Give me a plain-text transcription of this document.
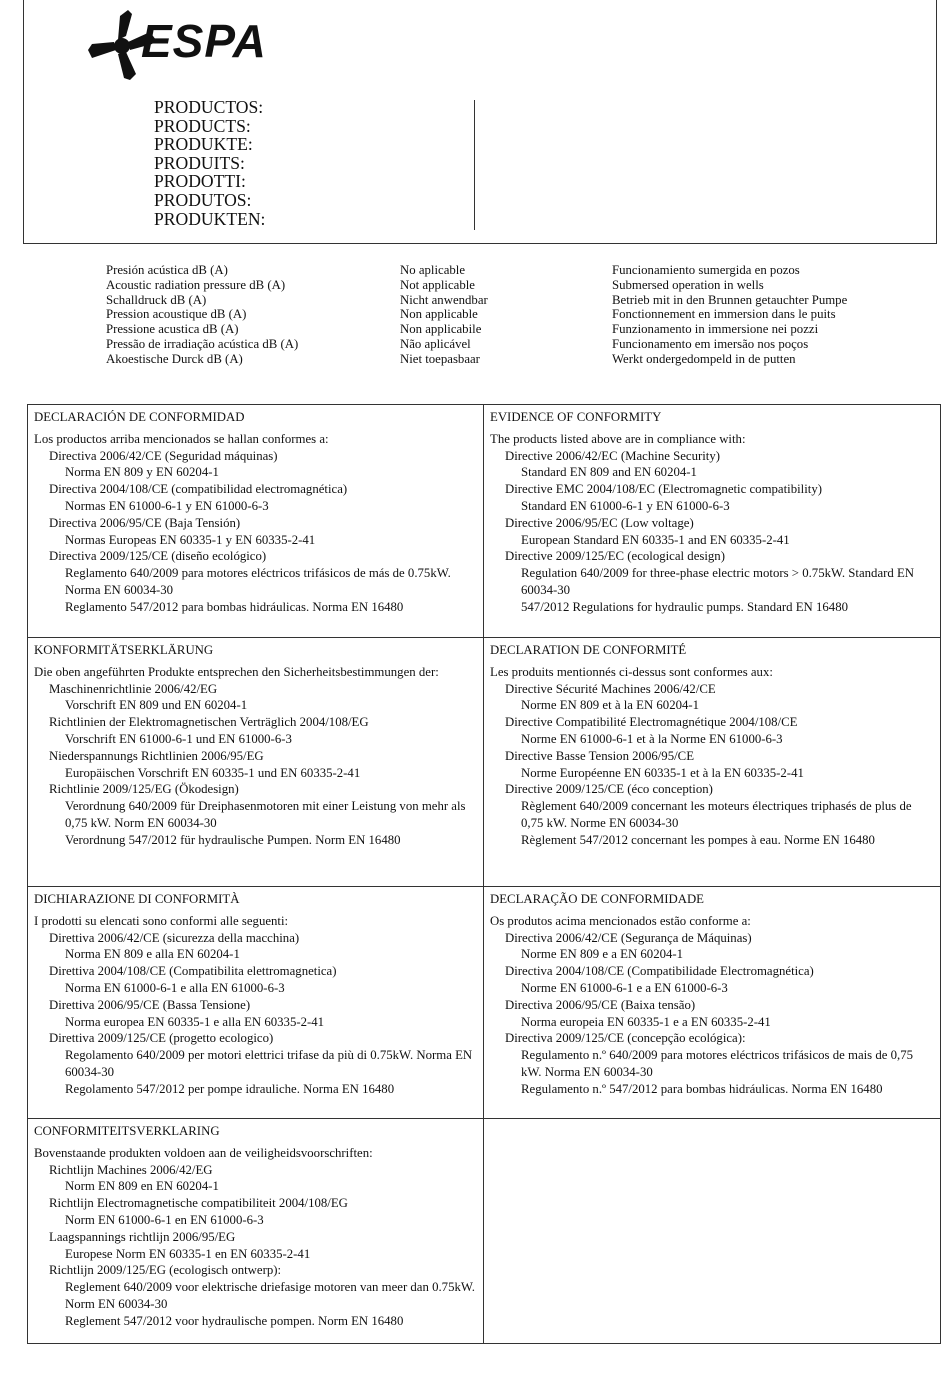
ESPA
PRODUCTOS:
PRODUCTS:
PRODUKTE:
PRODUITS:
PRODOTTI:
PRODUTOS:
PRODUKTEN:
Presión acústica dB (A)
Acoustic radiation pressure dB (A)
Schalldruck dB (A)
Pression acoustique dB (A)
Pressione acustica dB (A)
Pressão de irradiação acústica dB (A)
Akoestische Durck dB (A)
No aplicable
Not applicable
Nicht anwendbar
Non applicable
Non applicabile
Não aplicável
Niet toepasbaar
Funcionamiento sumergida en pozos
Submersed operation in wells
Betrieb mit in den Brunnen getauchter Pumpe
Fonctionnement en immersion dans le puits
Funzionamento in immersione nei pozzi
Funcionamento em imersão nos poços
Werkt ondergedompeld in de putten
DECLARACIÓN DE CONFORMIDAD
Los productos arriba mencionados se hallan conformes a:
Directiva 2006/42/CE (Seguridad máquinas)
Norma EN 809 y EN 60204-1
Directiva 2004/108/CE (compatibilidad electromagnética)
Normas EN 61000-6-1 y EN 61000-6-3
Directiva 2006/95/CE (Baja Tensión)
Normas Europeas EN 60335-1 y EN 60335-2-41
Directiva 2009/125/CE (diseño ecológico)
Reglamento 640/2009 para motores eléctricos trifásicos de más de 0.75kW. Norma EN 60034-30
Reglamento 547/2012 para bombas hidráulicas. Norma EN 16480
EVIDENCE OF CONFORMITY
The products listed above are in compliance with:
Directive 2006/42/EC (Machine Security)
Standard EN 809 and EN 60204-1
Directive EMC 2004/108/EC (Electromagnetic compatibility)
Standard EN 61000-6-1 y EN 61000-6-3
Directive 2006/95/EC (Low voltage)
European Standard EN 60335-1 and EN 60335-2-41
Directive 2009/125/EC (ecological design)
Regulation 640/2009 for three-phase electric motors > 0.75kW. Standard EN 60034-30
547/2012 Regulations for hydraulic pumps. Standard EN 16480
KONFORMITÄTSERKLÄRUNG
Die oben angeführten Produkte entsprechen den Sicherheitsbestimmungen der:
Maschinenrichtlinie 2006/42/EG
Vorschrift EN 809 und EN 60204-1
Richtlinien der Elektromagnetischen Verträglich 2004/108/EG
Vorschrift EN 61000-6-1 und EN 61000-6-3
Niederspannungs Richtlinien 2006/95/EG
Europäischen Vorschrift EN 60335-1 und EN 60335-2-41
Richtlinie 2009/125/EG (Ökodesign)
Verordnung 640/2009 für Dreiphasenmotoren mit einer Leistung von mehr als 0,75 kW. Norm EN 60034-30
Verordnung 547/2012 für hydraulische Pumpen. Norm EN 16480
DECLARATION DE CONFORMITÉ
Les produits mentionnés ci-dessus sont conformes aux:
Directive Sécurité Machines 2006/42/CE
Norme EN 809 et à la EN 60204-1
Directive Compatibilité Electromagnétique 2004/108/CE
Norme EN 61000-6-1 et à la Norme EN 61000-6-3
Directive Basse Tension 2006/95/CE
Norme Européenne EN 60335-1 et à la EN 60335-2-41
Directive 2009/125/CE (éco conception)
Règlement 640/2009 concernant les moteurs électriques triphasés de plus de 0,75 kW. Norme EN 60034-30
Règlement 547/2012 concernant les pompes à eau. Norme EN 16480
DICHIARAZIONE DI CONFORMITÀ
I prodotti su elencati sono conformi alle seguenti:
Direttiva 2006/42/CE (sicurezza della macchina)
Norma EN 809 e alla EN 60204-1
Direttiva 2004/108/CE (Compatibilita elettromagnetica)
Norma EN 61000-6-1 e alla EN 61000-6-3
Direttiva 2006/95/CE (Bassa Tensione)
Norma europea EN 60335-1 e alla EN 60335-2-41
Direttiva 2009/125/CE (progetto ecologico)
Regolamento 640/2009 per motori elettrici trifase da più di 0.75kW. Norma EN 60034-30
Regolamento 547/2012 per pompe idrauliche. Norma EN 16480
DECLARAÇÃO DE CONFORMIDADE
Os produtos acima mencionados estão conforme a:
Directiva 2006/42/CE (Segurança de Máquinas)
Norme EN 809 e a EN 60204-1
Directiva 2004/108/CE (Compatibilidade Electromagnética)
Norme EN 61000-6-1 e a EN 61000-6-3
Directiva 2006/95/CE (Baixa tensão)
Norma europeia EN 60335-1 e a EN 60335-2-41
Directiva 2009/125/CE (concepção ecológica):
Regulamento n.º 640/2009 para motores eléctricos trifásicos de mais de 0,75 kW. Norma EN 60034-30
Regulamento n.º 547/2012 para bombas hidráulicas. Norma EN 16480
CONFORMITEITSVERKLARING
Bovenstaande produkten voldoen aan de veiligheidsvoorschriften:
Richtlijn Machines 2006/42/EG
Norm EN 809 en EN 60204-1
Richtlijn Electromagnetische compatibiliteit 2004/108/EG
Norm EN 61000-6-1 en EN 61000-6-3
Laagspannings richtlijn 2006/95/EG
Europese Norm EN 60335-1 en EN 60335-2-41
Richtlijn 2009/125/EG (ecologisch ontwerp):
Reglement 640/2009 voor elektrische driefasige motoren van meer dan 0.75kW. Norm EN 60034-30
Reglement 547/2012 voor hydraulische pompen. Norm EN 16480
